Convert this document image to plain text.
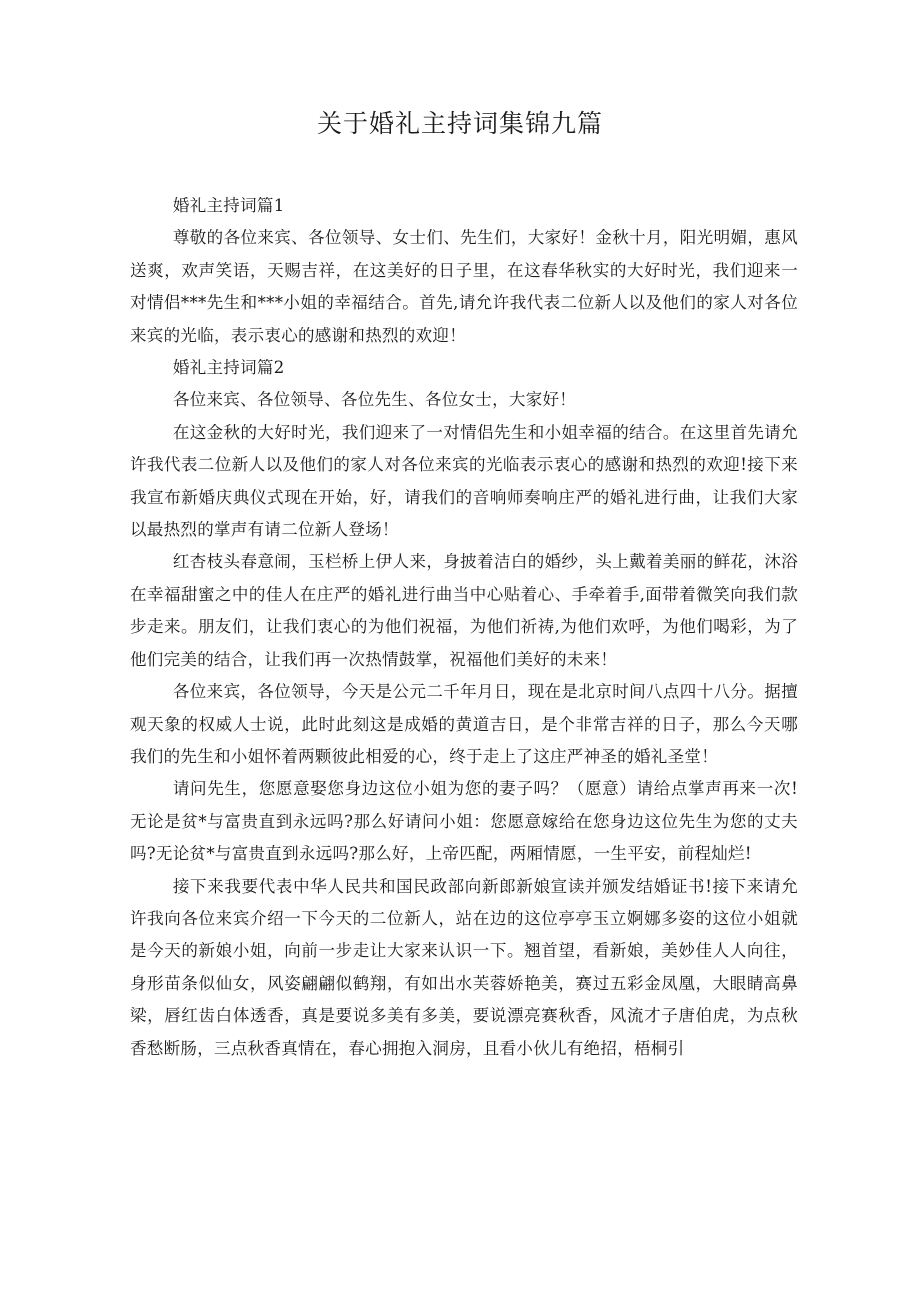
关于婚礼主持词集锦九篇

婚礼主持词篇1

尊敬的各位来宾、各位领导、女士们、先生们，大家好！金秋十月，阳光明媚，惠风送爽，欢声笑语，天赐吉祥，在这美好的日子里，在这春华秋实的大好时光，我们迎来一对情侣***先生和***小姐的幸福结合。首先,请允许我代表二位新人以及他们的家人对各位来宾的光临，表示衷心的感谢和热烈的欢迎！

婚礼主持词篇2

各位来宾、各位领导、各位先生、各位女士，大家好！

在这金秋的大好时光，我们迎来了一对情侣先生和小姐幸福的结合。在这里首先请允许我代表二位新人以及他们的家人对各位来宾的光临表示衷心的感谢和热烈的欢迎!接下来我宣布新婚庆典仪式现在开始，好，请我们的音响师奏响庄严的婚礼进行曲，让我们大家以最热烈的掌声有请二位新人登场！

红杏枝头春意闹，玉栏桥上伊人来，身披着洁白的婚纱，头上戴着美丽的鲜花，沐浴在幸福甜蜜之中的佳人在庄严的婚礼进行曲当中心贴着心、手牵着手,面带着微笑向我们款步走来。朋友们，让我们衷心的为他们祝福，为他们祈祷,为他们欢呼，为他们喝彩，为了他们完美的结合，让我们再一次热情鼓掌，祝福他们美好的未来！

各位来宾，各位领导，今天是公元二千年月日，现在是北京时间八点四十八分。据擅观天象的权威人士说，此时此刻这是成婚的黄道吉日，是个非常吉祥的日子，那么今天哪我们的先生和小姐怀着两颗彼此相爱的心，终于走上了这庄严神圣的婚礼圣堂！

请问先生，您愿意娶您身边这位小姐为您的妻子吗？（愿意）请给点掌声再来一次!无论是贫*与富贵直到永远吗?那么好请问小姐：您愿意嫁给在您身边这位先生为您的丈夫吗?无论贫*与富贵直到永远吗?那么好，上帝匹配，两厢情愿，一生平安，前程灿烂!

接下来我要代表中华人民共和国民政部向新郎新娘宣读并颁发结婚证书!接下来请允许我向各位来宾介绍一下今天的二位新人，站在边的这位亭亭玉立婀娜多姿的这位小姐就是今天的新娘小姐，向前一步走让大家来认识一下。翘首望，看新娘，美妙佳人人向往，身形苗条似仙女，风姿翩翩似鹤翔，有如出水芙蓉娇艳美，赛过五彩金凤凰，大眼睛高鼻梁，唇红齿白体透香，真是要说多美有多美，要说漂亮赛秋香，风流才子唐伯虎，为点秋香愁断肠，三点秋香真情在，春心拥抱入洞房，且看小伙儿有绝招，梧桐引
